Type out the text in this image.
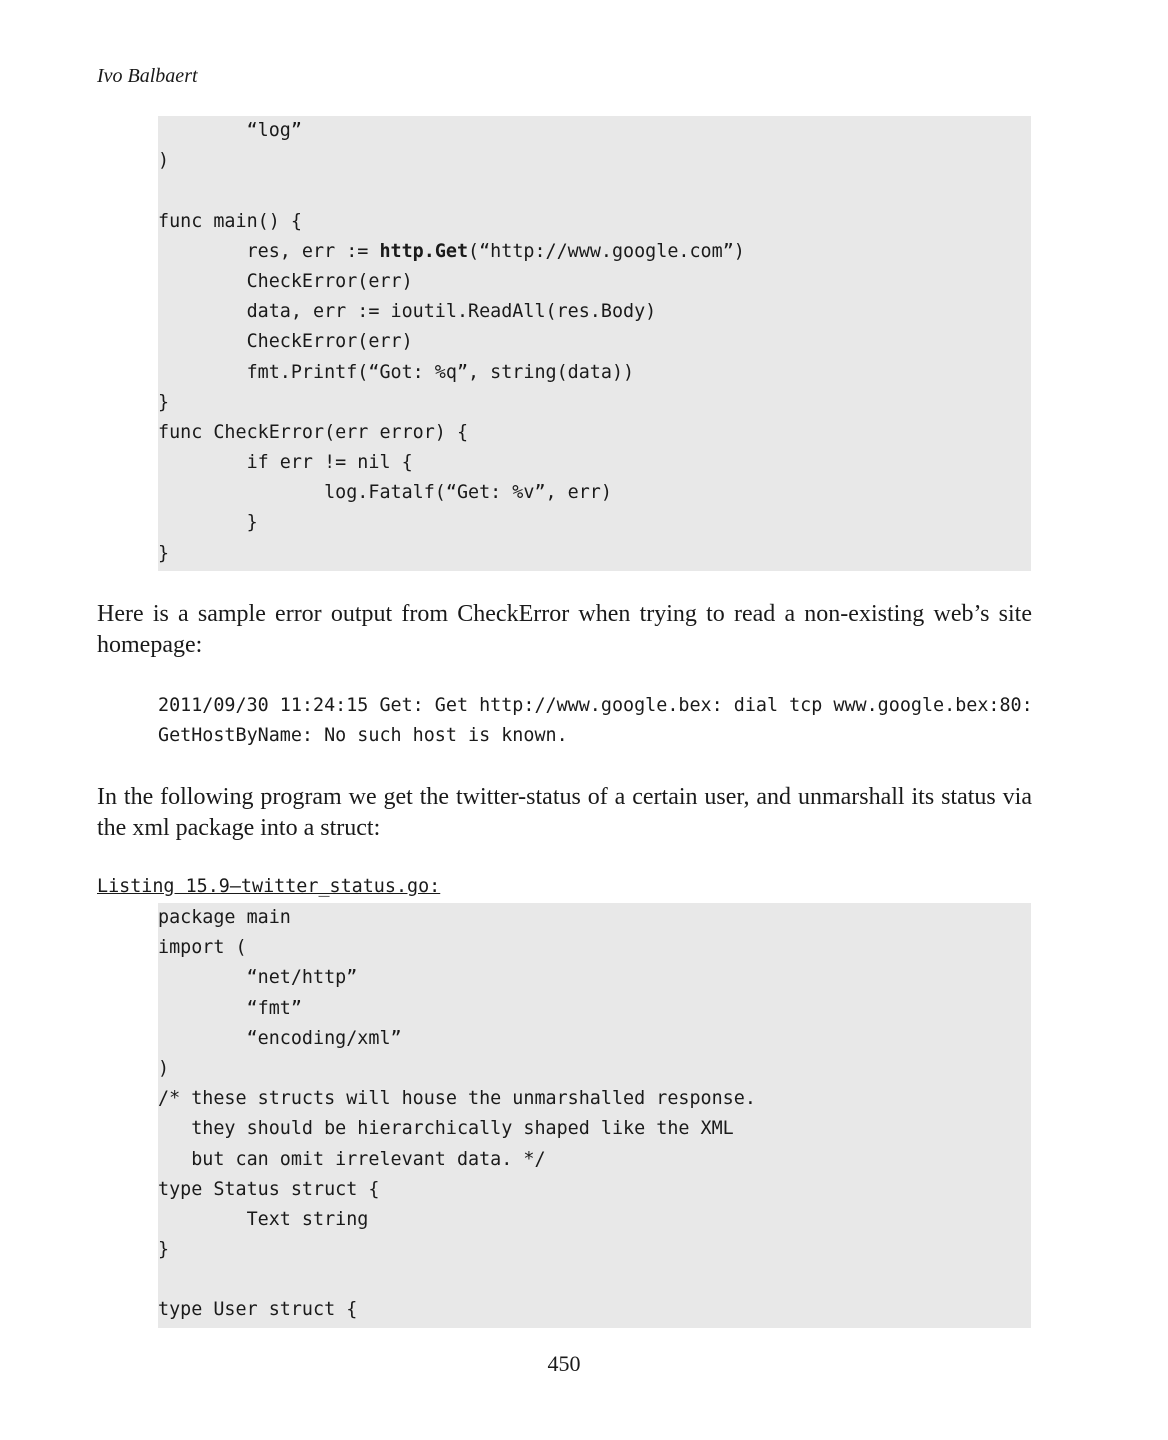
Ivo Balbaert

“log”
)
func main() {
res, err := http.Get(“http://www.google.com”)
CheckError(err)
data, err := ioutil.ReadAll(res.Body)
CheckError(err)
fmt.Printf(“Got: %q”, string(data))
}
func CheckError(err error) {
if err != nil {
log.Fatalf(“Get: %v”, err)
}
}

Here is a sample error output from CheckError when trying to read a non-existing web’s site homepage:

2011/09/30 11:24:15 Get: Get http://www.google.bex: dial tcp www.google.bex:80:
GetHostByName: No such host is known.

In the following program we get the twitter-status of a certain user, and unmarshall its status via the xml package into a struct:

Listing 15.9—twitter_status.go:

package main
import (
“net/http”
“fmt”
“encoding/xml”
)
/* these structs will house the unmarshalled response.
they should be hierarchically shaped like the XML
but can omit irrelevant data. */
type Status struct {
Text string
}
type User struct {

450
